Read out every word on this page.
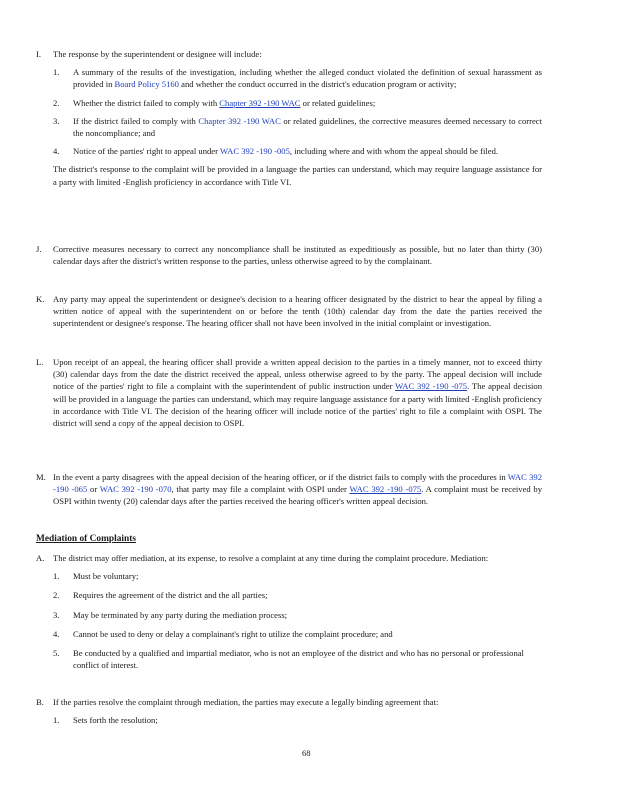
I. The response by the superintendent or designee will include:
1. A summary of the results of the investigation, including whether the alleged conduct violated the definition of sexual harassment as provided in Board Policy 5160 and whether the conduct occurred in the district's education program or activity;
2. Whether the district failed to comply with Chapter 392 -190 WAC or related guidelines;
3. If the district failed to comply with Chapter 392 -190 WAC or related guidelines, the corrective measures deemed necessary to correct the noncompliance; and
4. Notice of the parties' right to appeal under WAC 392 -190 -005, including where and with whom the appeal should be filed.
The district's response to the complaint will be provided in a language the parties can understand, which may require language assistance for a party with limited -English proficiency in accordance with Title VI.
J. Corrective measures necessary to correct any noncompliance shall be instituted as expeditiously as possible, but no later than thirty (30) calendar days after the district's written response to the parties, unless otherwise agreed to by the complainant.
K. Any party may appeal the superintendent or designee's decision to a hearing officer designated by the district to hear the appeal by filing a written notice of appeal with the superintendent on or before the tenth (10th) calendar day from the date the parties received the superintendent or designee's response. The hearing officer shall not have been involved in the initial complaint or investigation.
L. Upon receipt of an appeal, the hearing officer shall provide a written appeal decision to the parties in a timely manner, not to exceed thirty (30) calendar days from the date the district received the appeal, unless otherwise agreed to by the party. The appeal decision will include notice of the parties' right to file a complaint with the superintendent of public instruction under WAC 392 -190 -075. The appeal decision will be provided in a language the parties can understand, which may require language assistance for a party with limited -English proficiency in accordance with Title VI. The decision of the hearing officer will include notice of the parties' right to file a complaint with OSPI. The district will send a copy of the appeal decision to OSPI.
M. In the event a party disagrees with the appeal decision of the hearing officer, or if the district fails to comply with the procedures in WAC 392 -190 -065 or WAC 392 -190 -070, that party may file a complaint with OSPI under WAC 392 -190 -075. A complaint must be received by OSPI within twenty (20) calendar days after the parties received the hearing officer's written appeal decision.
Mediation of Complaints
A. The district may offer mediation, at its expense, to resolve a complaint at any time during the complaint procedure. Mediation:
1. Must be voluntary;
2. Requires the agreement of the district and the all parties;
3. May be terminated by any party during the mediation process;
4. Cannot be used to deny or delay a complainant's right to utilize the complaint procedure; and
5. Be conducted by a qualified and impartial mediator, who is not an employee of the district and who has no personal or professional conflict of interest.
B. If the parties resolve the complaint through mediation, the parties may execute a legally binding agreement that:
1. Sets forth the resolution;
68
